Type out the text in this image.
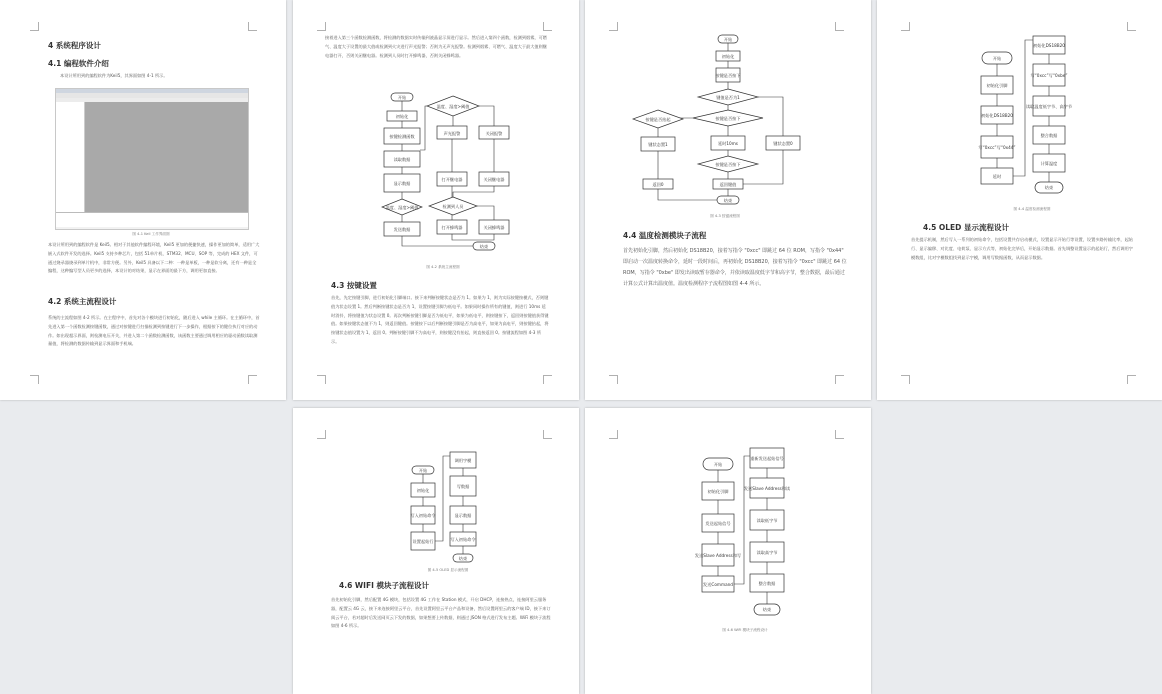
4 系统程序设计
4.1 编程软件介绍
本设计所用到的编程软件为Keil5，其界面如图 4-1 所示。
图 4-1 Keil 工作界面图
本设计所用到的编程软件是 Keil5。相对于其他软件编程环境，Keil5 更加的便捷快速，操作更加的简单，适用广大嵌入式软件开发的选择。Keil5 支持多种芯片，包括 51单片机、STM32、MCU、SOP 等，完成的 HEX 文件，可通过烧录器烧录到单片机中，非常方便。另外，Keil5 具备以下二种：一种是单板，一种是软分离，还有一种是全编程，这种编写型人员更多的选择，本设计的对结果，显示在界面的最下方，调用更加直接。
4.2 系统主流程设计
系统的主流程如图 4-2 所示。在主程序中，首先对各个模块进行初始化，随后进入 while 主循环。在主循环中，首先进入第一个函数检测按键函数，通过对按键进行扫描检测到按键进行下一步操作，根据按下的键位执行对应的动作。如出现超示界面，则检测电压开关，并进入第二个函数检测函数，该函数主要通过调用相应的驱动函数读取测量值，将检测的数据传输到显示界面和手机端。
接着进入第三个函数检测函数，将检测的数据实时传输到液晶显示屏进行显示。然后进入第四个函数，检测到烟雾，可燃气、温度大于设置的最大值或检测到火灾进行声光报警；否则为无声光报警。检测到烟雾、可燃气、温度大于最大值则继电器打开，否则关闭继电器。检测到人员时打开蜂鸣器，否则关闭蜂鸣器。
开始
初始化
按键检测函数
读取数据
显示数据
温度、湿度>阈值
发送数据
温度、湿度>阈值
声光报警	关闭报警
打开继电器	关闭继电器
检测到人员
打开蜂鸣器	关闭蜂鸣器
结束
图 4-2 系统主流程图
4.3 按键设置
首先，先定按键引脚，进行初始化引脚端口。接下来判断按键状态是否为 1。如果为 1，则为实际按键按模式，否则键值为状态设置 1。然后判断按键状态是否为 1，设置按键引脚为低电平。如果同时操作所有的键值，则进行 10ms 延时消抖，将按键值为状态设置 0。再次判断按键引脚是否为低电平，如果为低电平，则按键按下，返回则按键值获得键值。如果按键状态值不为 1，则返回键值。按键按下以后判断按键引脚是否为高电平，如果为高电平，则按键抬起，将按键状态值设置为 1，返回 0。判断按键引脚不为高电平，则按键没有抬起，则直接返回 0。按键流程如图 4-3 所示。
开始
初始化
按键是否按下
键值是否为1
按键是否按下
按键是否抬起
键状态置1	延时10ms	键状态置0
按键是否按下
返回0	返回键值
结束
图 4-3 按键流程图
4.4 温度检测模块子流程
首先初始化引脚，然后初始化 DS18B20，接着写指令 "0xcc" 即跳过 64 位 ROM，写指令 "0x44" 即启动一次温度转换命令，延时一段时间后，再初始化 DS18B20，接着写指令 "0xcc" 即跳过 64 位 ROM，写指令 "0xbe" 即发出读取暂存器命令，并依读取温度低字节和高字节，整合数据，最后通过计算公式计算出温度值。温度检测程序子流程图如图 4-4 所示。
开始
初始化引脚
初始化DS18B20
写“0xcc”写“0x44”
延时
初始化DS18B20
写“0xcc”写“0xbe”
读取温度低字节、高字节
整合数据
计算温度
结束
图 4-4 温度检测流程图
4.5 OLED 显示流程设计
首先提示机制，然后写入一系列的初始命令，包括设置共存启动模式，设置显示开始行等设置，设置多路传输比率，起始行、显示偏移、对比度、电荷泵、显示方式等，初始化完毕后，开始显示数据。首先调整设置显示的起始行，然后调用字模数组，比对字模数组找到显示字模，调用写数据函数，从而显示数据。
开始
初始化
写入初始命令
设置起始行
调用字模
写数据
显示数据
写入初始命令
结束
图 4-5 OLED 显示流程图
4.6 WIFI 模块子流程设计
首先初始化引脚，然后配置 4G 模块，包括设置 4G 工作在 Station 模式，开启 DHCP，连接热点，连接阿里云服务器，配置云 4G 云，接下来连接阿里云平台，首先设置阿里云平台产品和设备，然后设置阿里云的客户端 ID，接下来订阅云平台，若对超时后发送网页云下发的数据，如果想要上传数据，则通过 JSON 格式进行发布主题。WiFi 模块子流程如图 4-6 所示。
开始
初始化引脚
发送起始信号
发送Slave Address和写
发送Command
重新发送起始信号
发送Slave Address和读
读取低字节
读取高字节
整合数据
结束
图 4-6 WiFi 模块子流程设计
